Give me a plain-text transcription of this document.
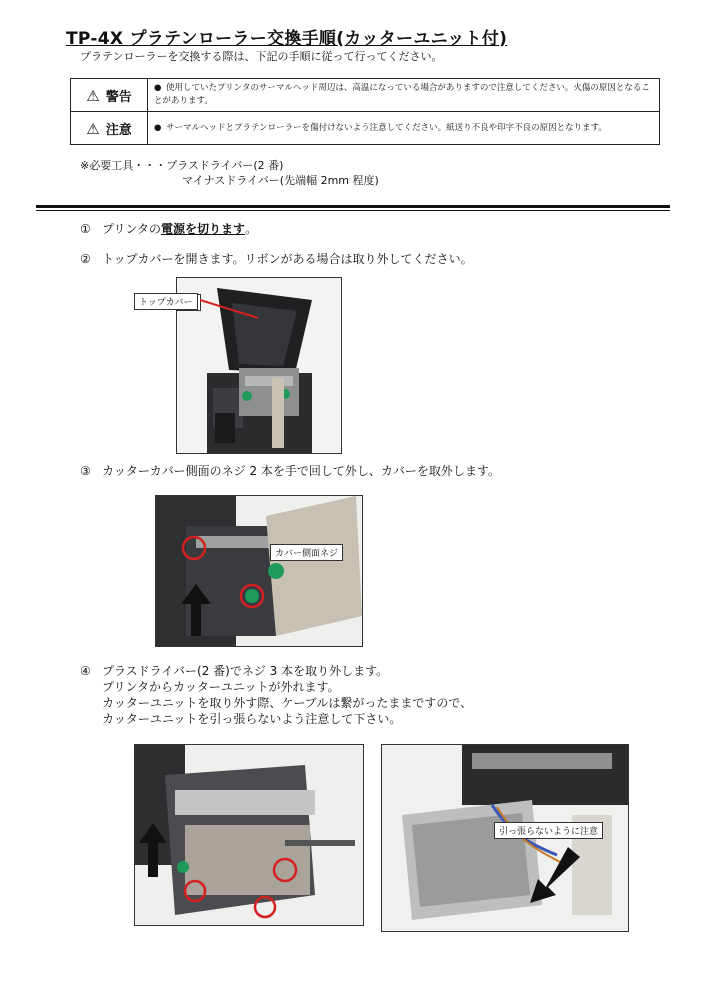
TP-4X プラテンローラー交換手順(カッターユニット付)
プラテンローラーを交換する際は、下記の手順に従って行ってください。
⚠ 警告	● 使用していたプリンタのサーマルヘッド周辺は、高温になっている場合がありますので注意してください。火傷の原因となることがあります。
⚠ 注意	● サーマルヘッドとプラテンローラーを傷付けないよう注意してください。紙送り不良や印字不良の原因となります。
※必要工具・・・プラスドライバー(2 番)
マイナスドライバー(先端幅 2mm 程度)
① プリンタの電源を切ります。
② トップカバーを開きます。リボンがある場合は取り外してください。
トップカバー
③ カッターカバー側面のネジ 2 本を手で回して外し、カバーを取外します。
カバー側面ネジ
④ プラスドライバー(2 番)でネジ 3 本を取り外します。
プリンタからカッターユニットが外れます。
カッターユニットを取り外す際、ケーブルは繋がったままですので、
カッターユニットを引っ張らないよう注意して下さい。
引っ張らないように注意
